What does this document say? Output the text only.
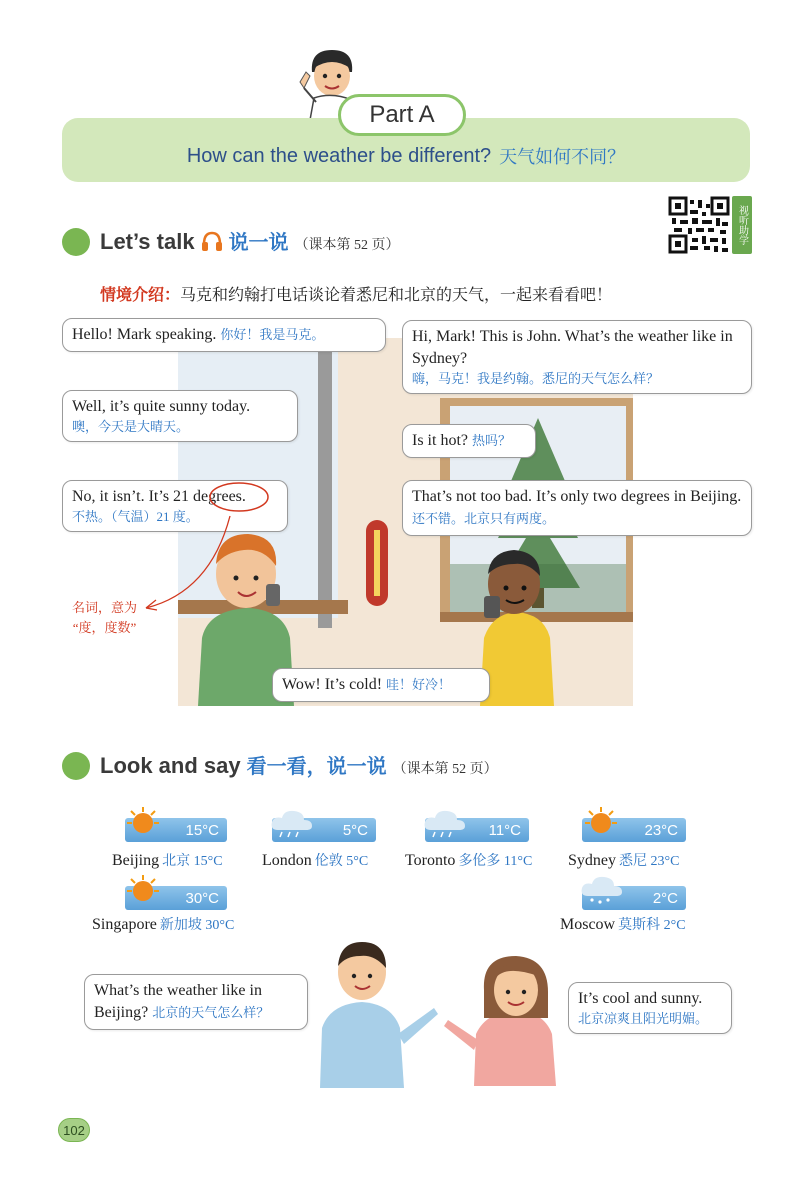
Part A
How can the weather be different? 天气如何不同？
视听助学
Let’s talk 说一说 （课本第 52 页）
情境介绍：马克和约翰打电话谈论着悉尼和北京的天气，一起来看看吧！
Hello! Mark speaking. 你好！我是马克。	Hi, Mark! This is John. What’s the weather like in Sydney?
嗨，马克！我是约翰。悉尼的天气怎么样？
Well, it’s quite sunny today.
噢，今天是大晴天。
Is it hot? 热吗？
No, it isn’t. It’s 21 degrees.
不热。（气温）21 度。
That’s not too bad. It’s only two degrees in Beijing. 还不错。北京只有两度。
Wow! It’s cold! 哇！好冷！
名词，意为
“度，度数”
Look and say 看一看，说一说 （课本第 52 页）
15°C
Beijing 北京 15°C
5°C
London 伦敦 5°C
11°C
Toronto 多伦多 11°C
23°C
Sydney 悉尼 23°C
30°C
Singapore 新加坡 30°C
2°C
Moscow 莫斯科 2°C
What’s the weather like in Beijing? 北京的天气怎么样？
It’s cool and sunny.
北京凉爽且阳光明媚。
102
